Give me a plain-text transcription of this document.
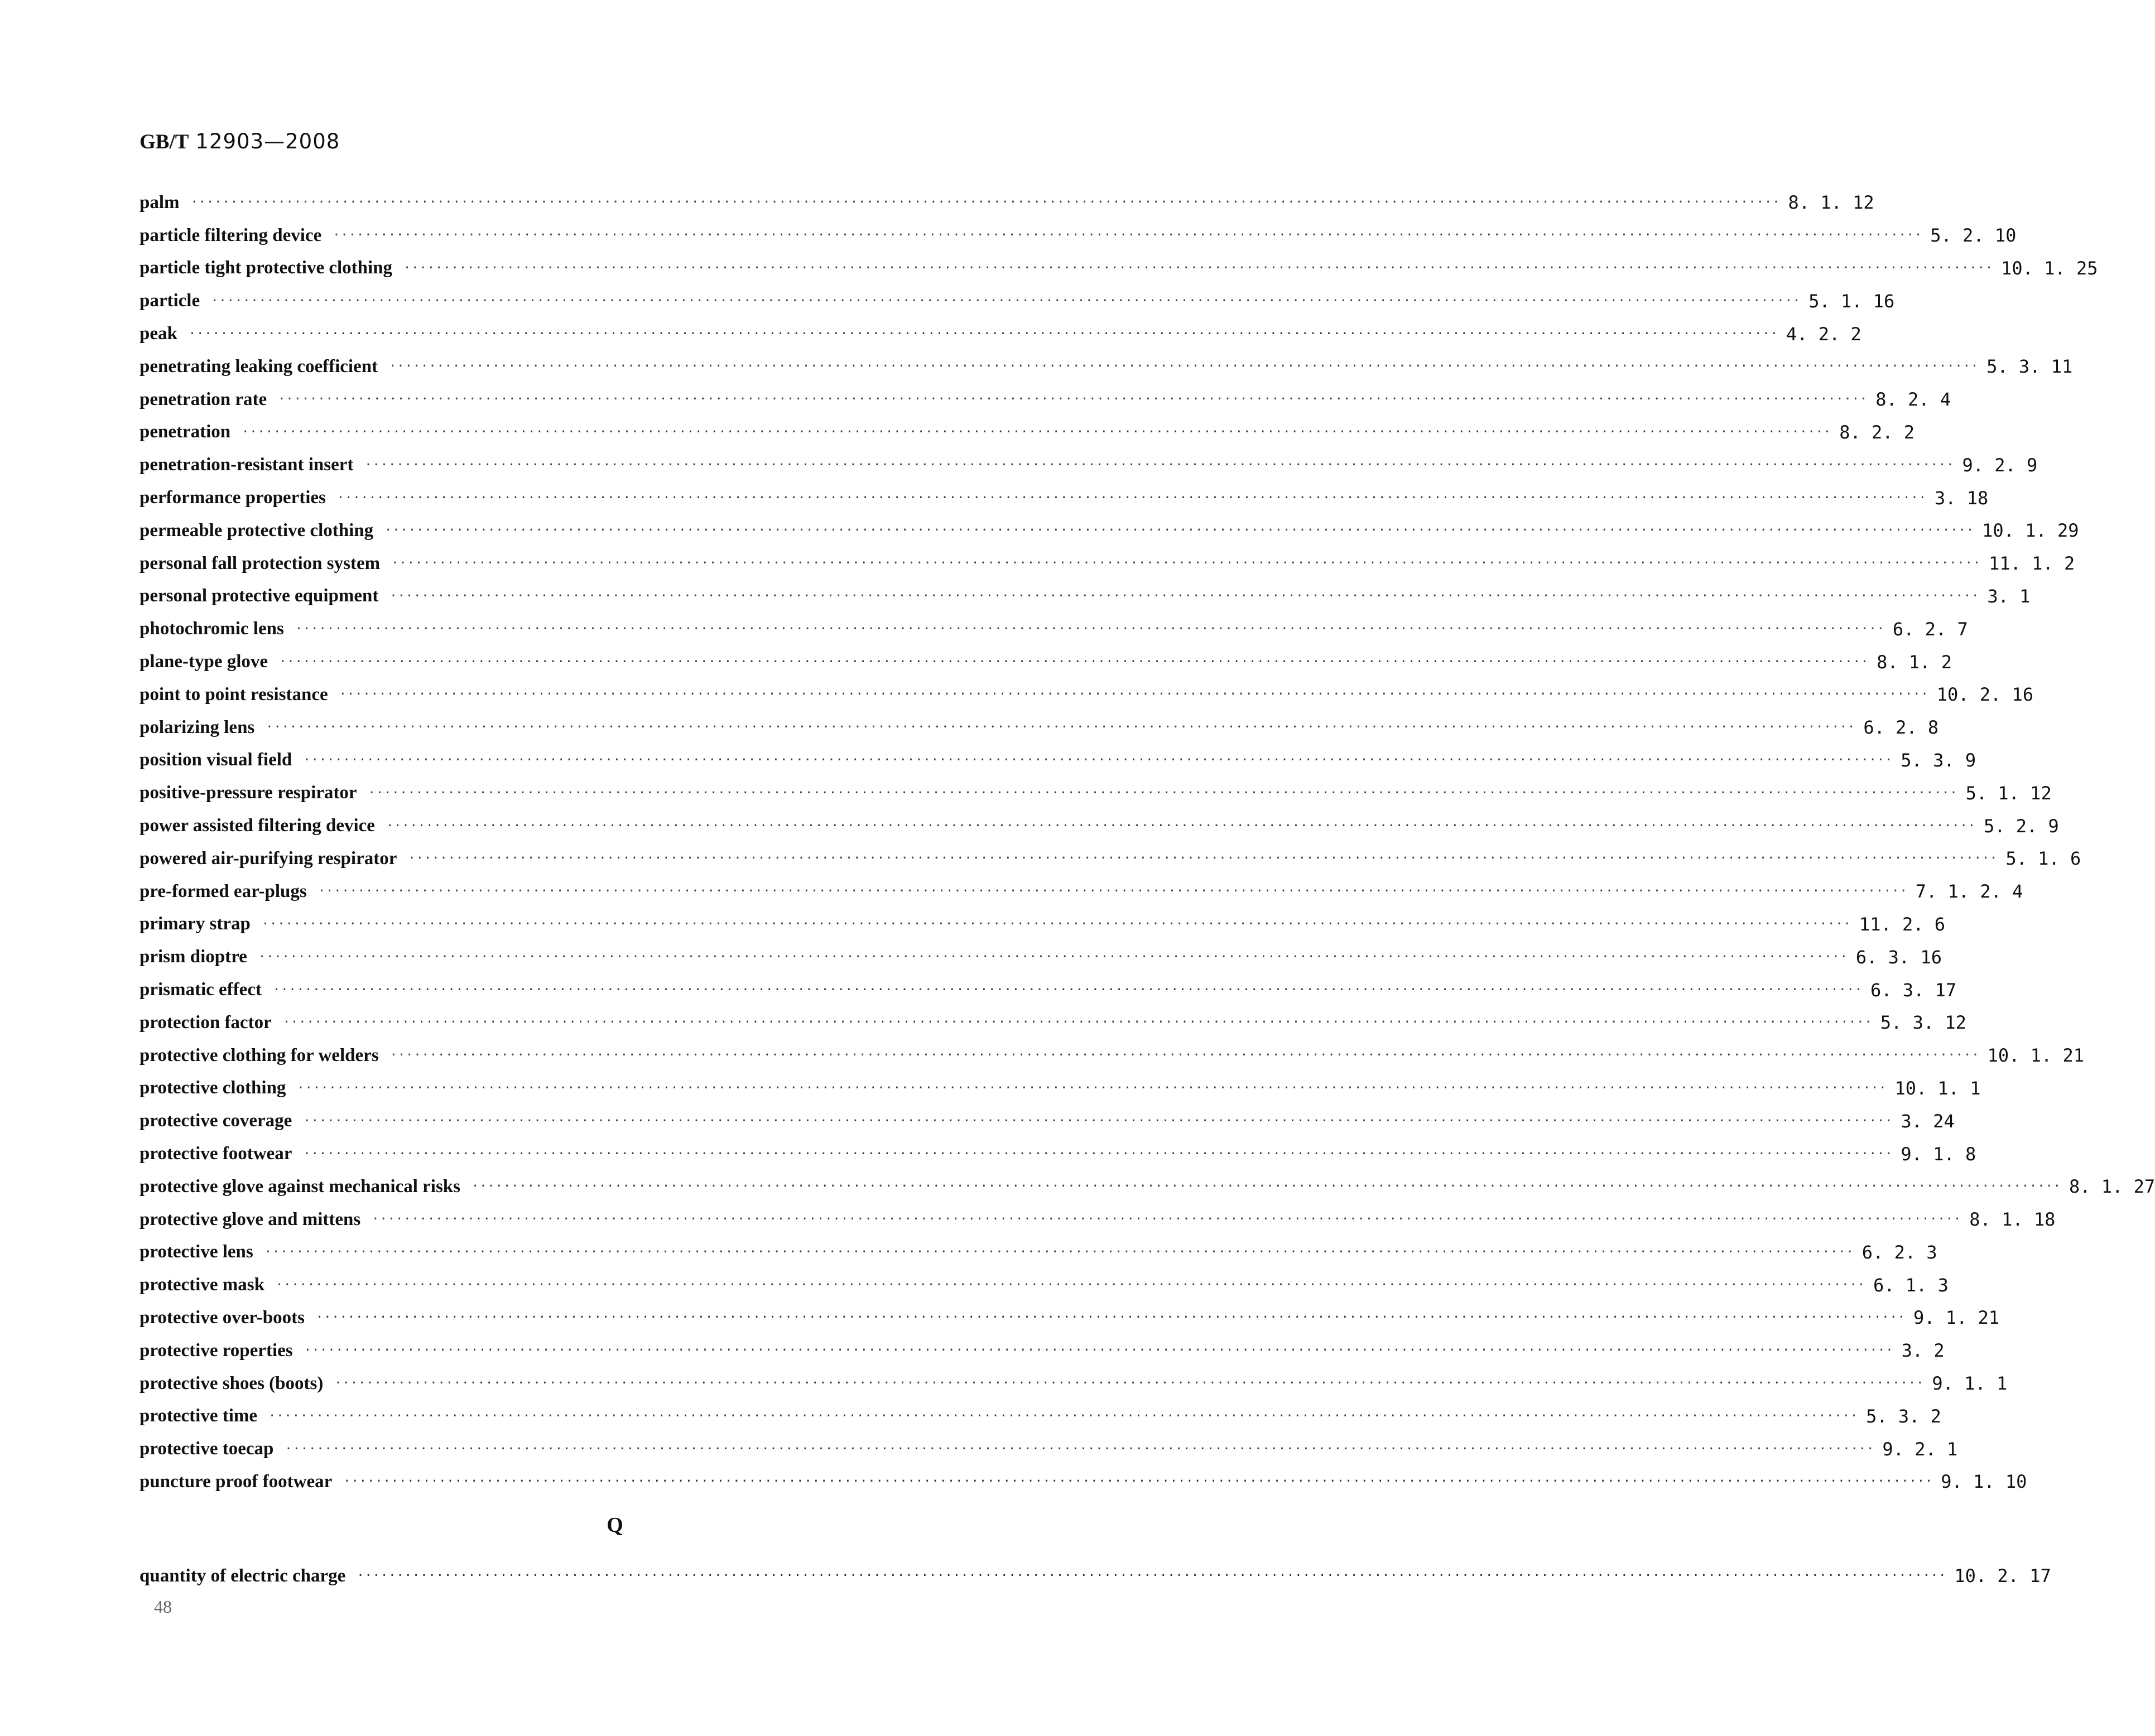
GB/T 12903—2008
palm ········································································································································································································ 8. 1. 12
particle filtering device ········································································································································································································ 5. 2. 10
particle tight protective clothing ········································································································································································································ 10. 1. 25
particle ········································································································································································································ 5. 1. 16
peak ········································································································································································································ 4. 2. 2
penetrating leaking coefficient ········································································································································································································ 5. 3. 11
penetration rate ········································································································································································································ 8. 2. 4
penetration ········································································································································································································ 8. 2. 2
penetration-resistant insert ········································································································································································································ 9. 2. 9
performance properties ········································································································································································································ 3. 18
permeable protective clothing ········································································································································································································ 10. 1. 29
personal fall protection system ········································································································································································································ 11. 1. 2
personal protective equipment ········································································································································································································ 3. 1
photochromic lens ········································································································································································································ 6. 2. 7
plane-type glove ········································································································································································································ 8. 1. 2
point to point resistance ········································································································································································································ 10. 2. 16
polarizing lens ········································································································································································································ 6. 2. 8
position visual field ········································································································································································································ 5. 3. 9
positive-pressure respirator ········································································································································································································ 5. 1. 12
power assisted filtering device ········································································································································································································ 5. 2. 9
powered air-purifying respirator ········································································································································································································ 5. 1. 6
pre-formed ear-plugs ········································································································································································································ 7. 1. 2. 4
primary strap ········································································································································································································ 11. 2. 6
prism dioptre ········································································································································································································ 6. 3. 16
prismatic effect ········································································································································································································ 6. 3. 17
protection factor ········································································································································································································ 5. 3. 12
protective clothing for welders ········································································································································································································ 10. 1. 21
protective clothing ········································································································································································································ 10. 1. 1
protective coverage ········································································································································································································ 3. 24
protective footwear ········································································································································································································ 9. 1. 8
protective glove against mechanical risks ········································································································································································································ 8. 1. 27
protective glove and mittens ········································································································································································································ 8. 1. 18
protective lens ········································································································································································································ 6. 2. 3
protective mask ········································································································································································································ 6. 1. 3
protective over-boots ········································································································································································································ 9. 1. 21
protective roperties ········································································································································································································ 3. 2
protective shoes (boots) ········································································································································································································ 9. 1. 1
protective time ········································································································································································································ 5. 3. 2
protective toecap ········································································································································································································ 9. 2. 1
puncture proof footwear ········································································································································································································ 9. 1. 10
Q
quantity of electric charge ········································································································································································································ 10. 2. 17
48
